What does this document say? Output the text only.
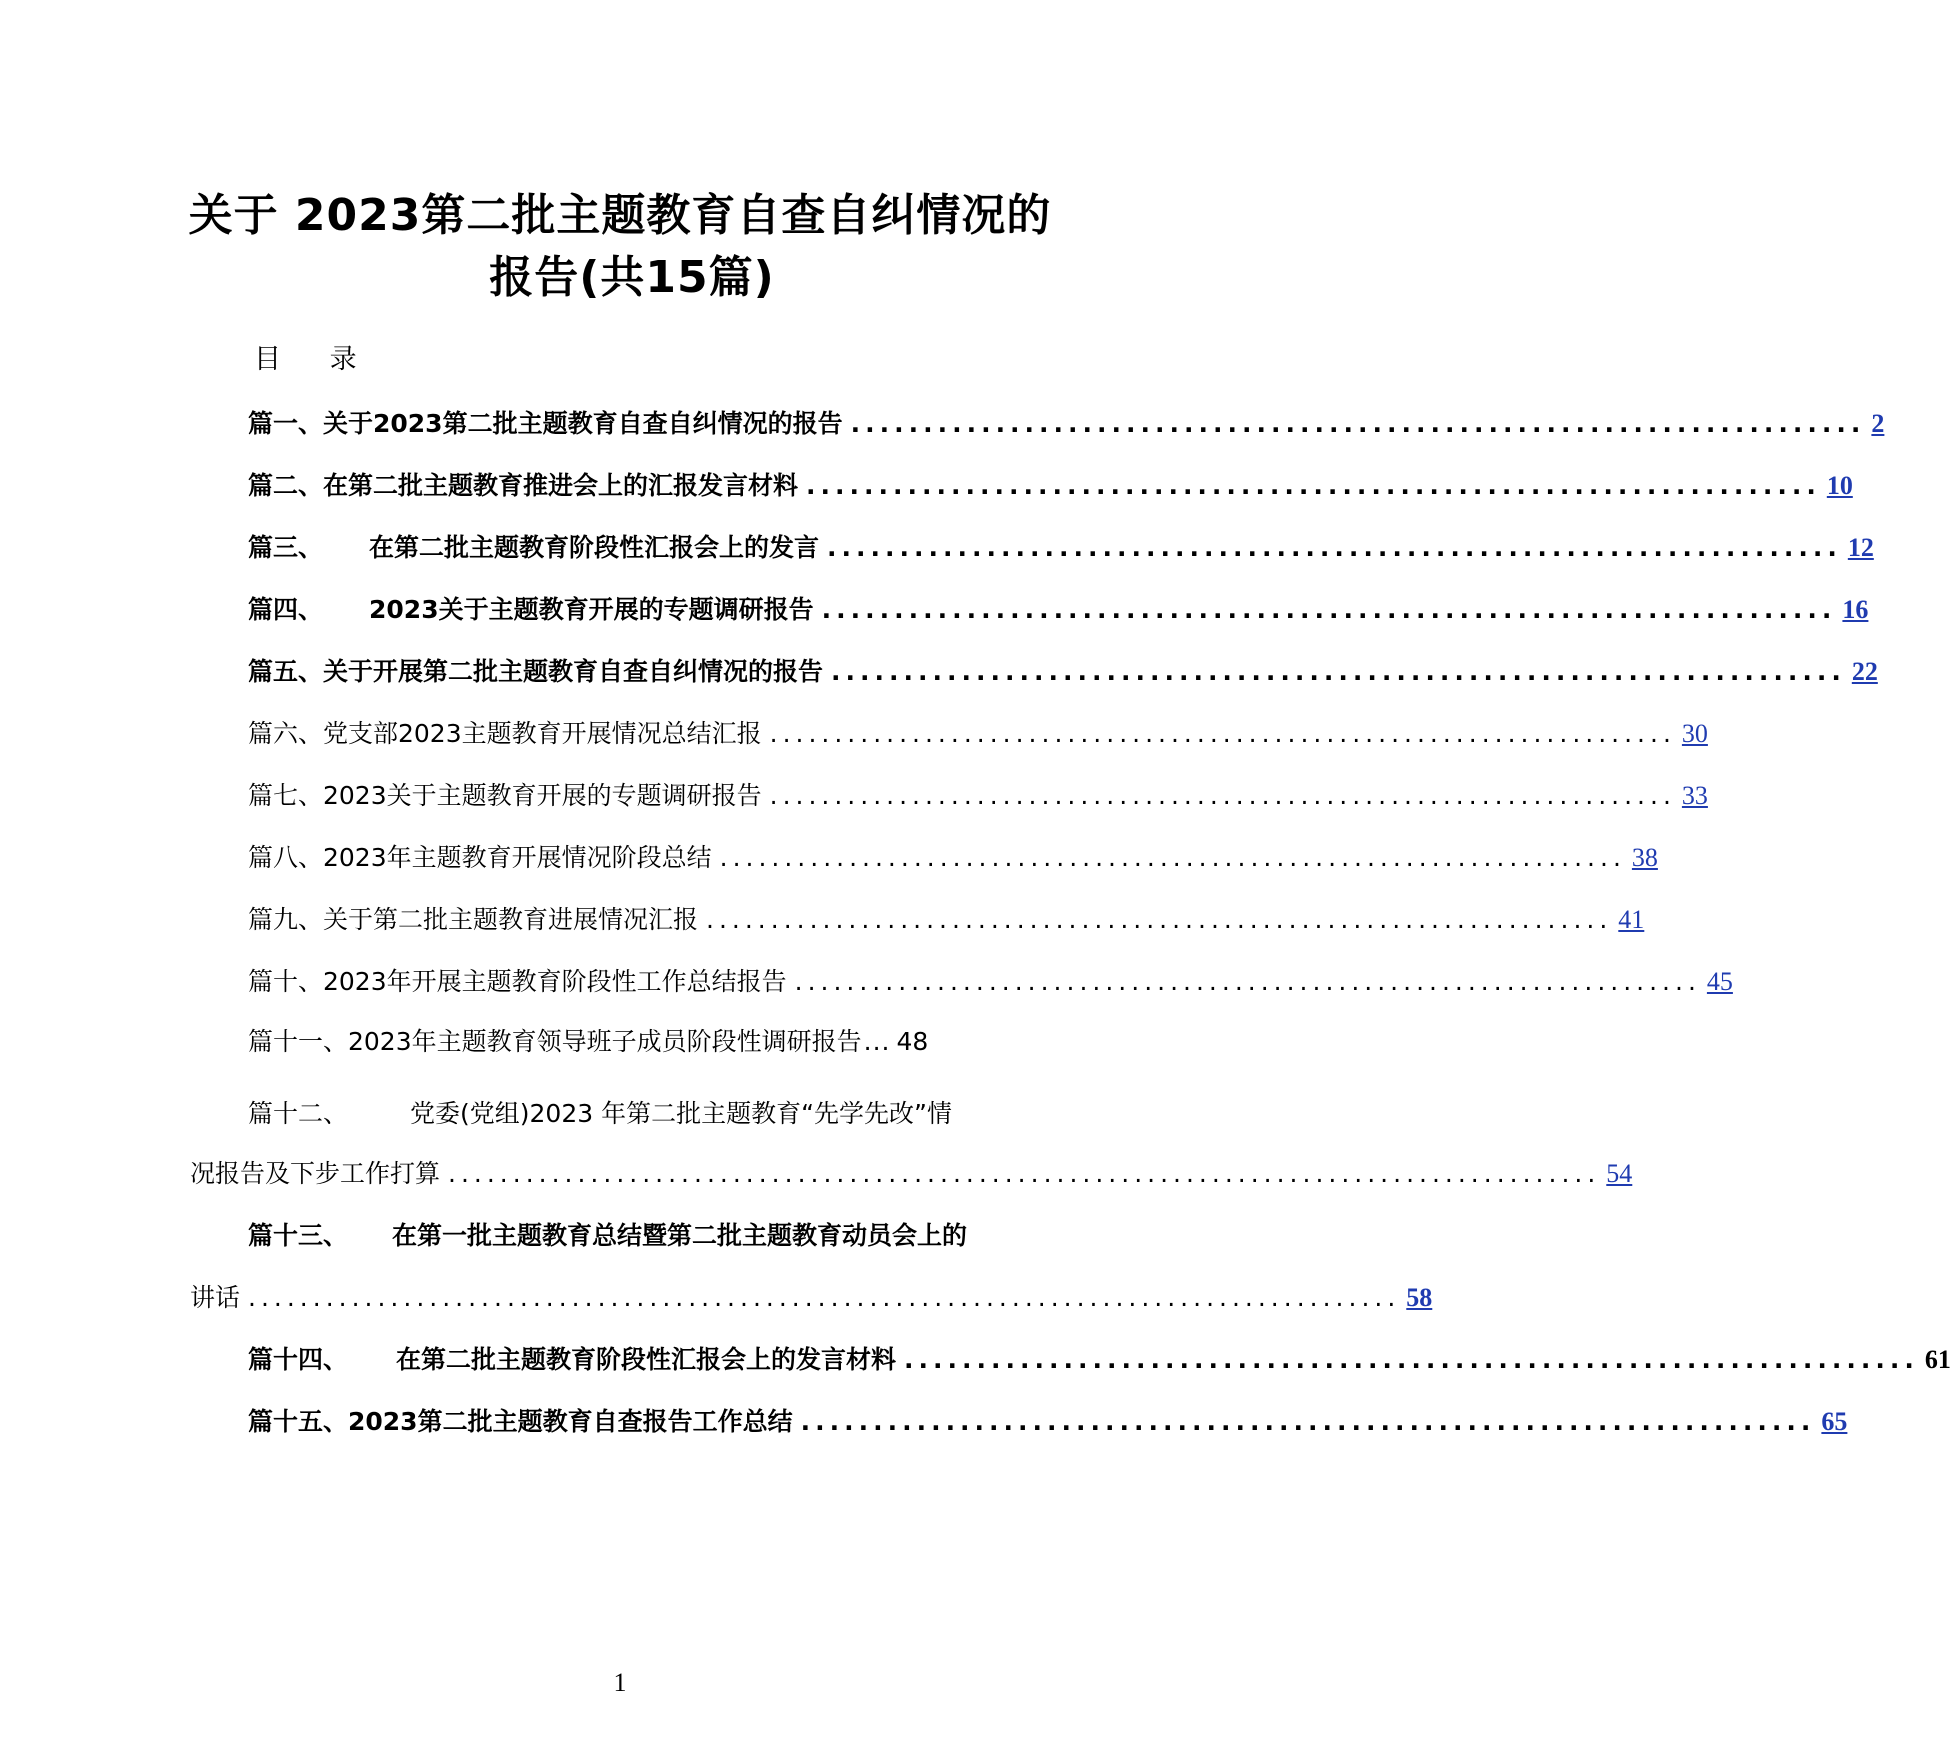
关于 2023第二批主题教育自查自纠情况的
报告(共15篇)
目 录
篇一、关于2023第二批主题教育自查自纠情况的报告 ...................................................................... 2
篇二、在第二批主题教育推进会上的汇报发言材料 ...................................................................... 10
篇三、 在第二批主题教育阶段性汇报会上的发言 ...................................................................... 12
篇四、 2023关于主题教育开展的专题调研报告 ...................................................................... 16
篇五、关于开展第二批主题教育自查自纠情况的报告 ...................................................................... 22
篇六、党支部2023主题教育开展情况总结汇报 ...................................................................... 30
篇七、2023关于主题教育开展的专题调研报告 ...................................................................... 33
篇八、2023年主题教育开展情况阶段总结 ...................................................................... 38
篇九、关于第二批主题教育进展情况汇报 ...................................................................... 41
篇十、2023年开展主题教育阶段性工作总结报告 ...................................................................... 45
篇十一、2023年主题教育领导班子成员阶段性调研报告 ... 48
篇十二、 党委(党组)2023 年第二批主题教育“先学先改”情
况报告及下步工作打算 ......................................................................................... 54
篇十三、 在第一批主题教育总结暨第二批主题教育动员会上的
讲话 ......................................................................................... 58
篇十四、 在第二批主题教育阶段性汇报会上的发言材料 ...................................................................... 61
篇十五、2023第二批主题教育自查报告工作总结 ...................................................................... 65
1
